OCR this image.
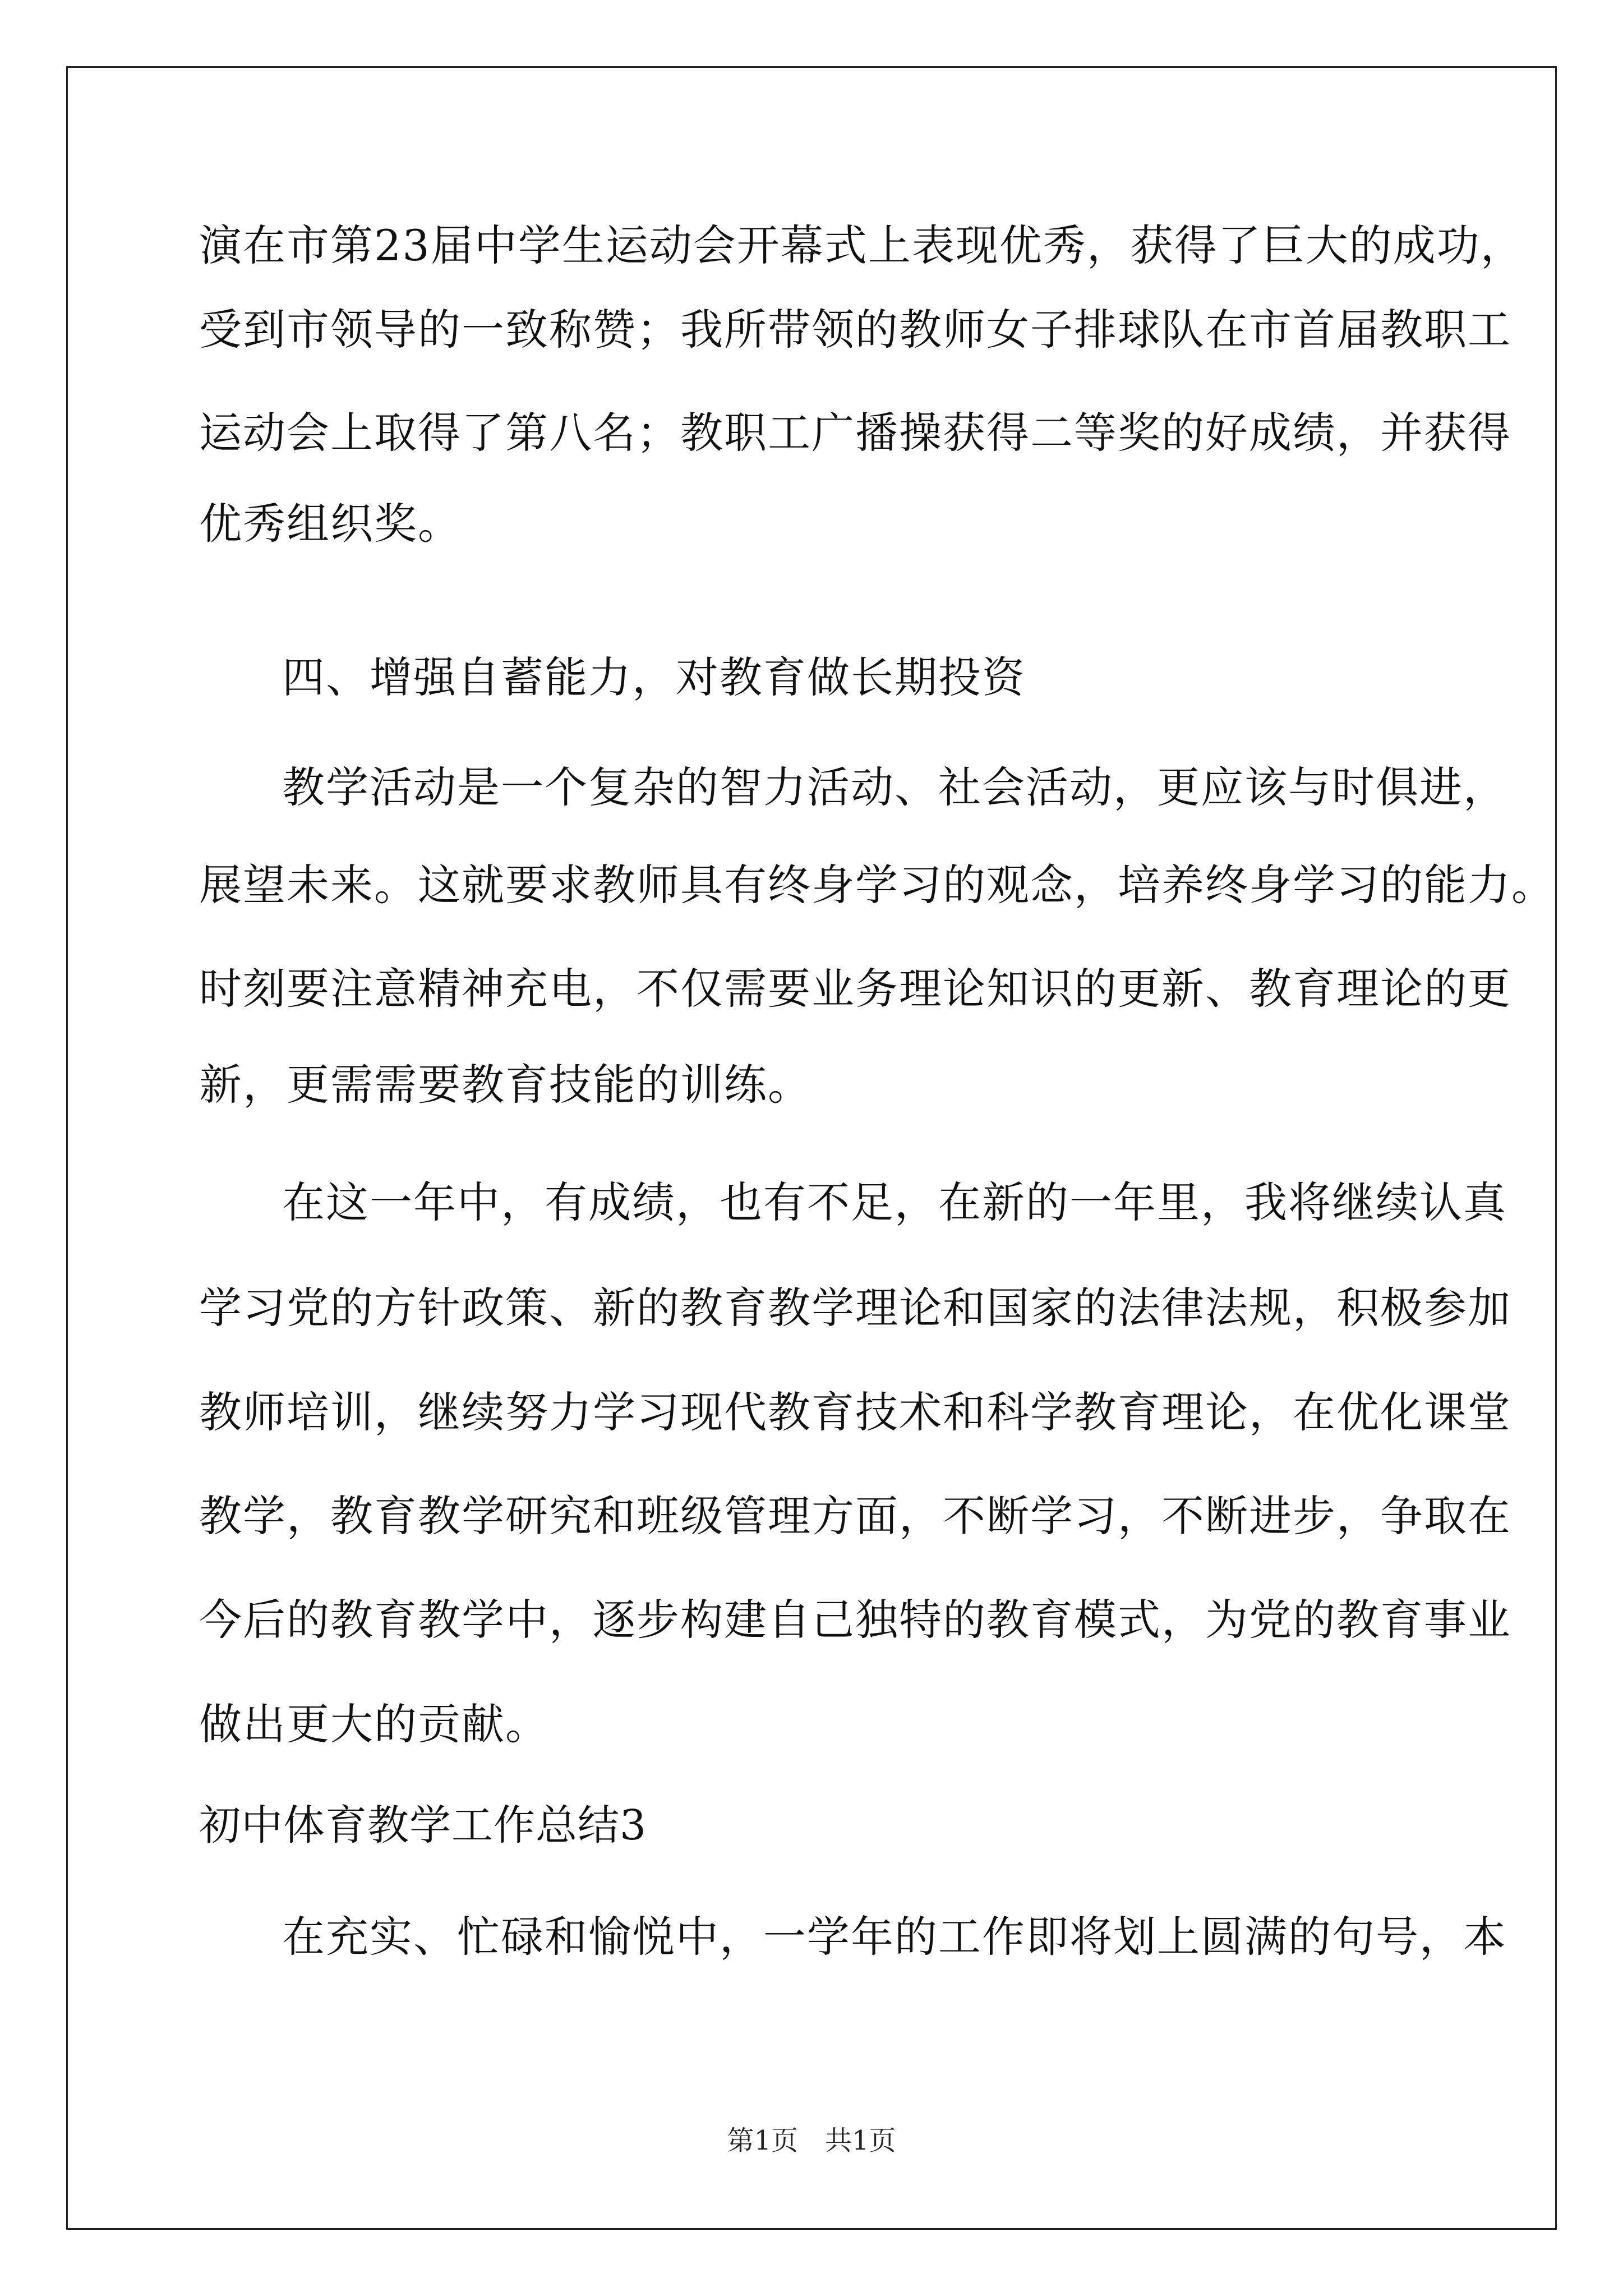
演在市第23届中学生运动会开幕式上表现优秀，获得了巨大的成功，
受到市领导的一致称赞；我所带领的教师女子排球队在市首届教职工
运动会上取得了第八名；教职工广播操获得二等奖的好成绩，并获得
优秀组织奖。
四、增强自蓄能力，对教育做长期投资
教学活动是一个复杂的智力活动、社会活动，更应该与时俱进，
展望未来。这就要求教师具有终身学习的观念，培养终身学习的能力。
时刻要注意精神充电，不仅需要业务理论知识的更新、教育理论的更
新，更需需要教育技能的训练。
在这一年中，有成绩，也有不足，在新的一年里，我将继续认真
学习党的方针政策、新的教育教学理论和国家的法律法规，积极参加
教师培训，继续努力学习现代教育技术和科学教育理论，在优化课堂
教学，教育教学研究和班级管理方面，不断学习，不断进步，争取在
今后的教育教学中，逐步构建自己独特的教育模式，为党的教育事业
做出更大的贡献。
初中体育教学工作总结3
在充实、忙碌和愉悦中，一学年的工作即将划上圆满的句号，本
第1页　共1页
